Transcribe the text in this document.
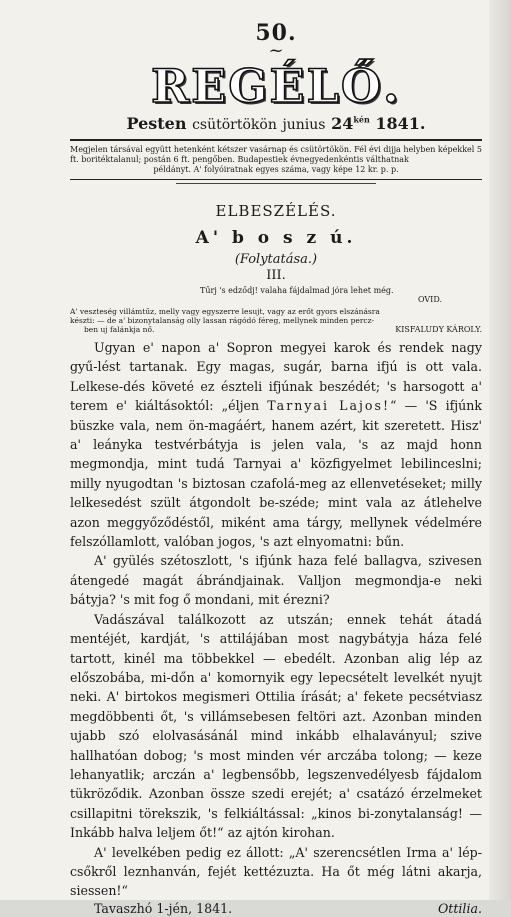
50.
~
REGÉLŐ.
Pesten csütörtökön junius $24^{kén}$ 1841.
Megjelen társával együtt hetenként kétszer vasárnap és csütörtökön. Fél évi dijja helyben képekkel 5 ft. boritéktalanul; postán 6 ft. pengőben. Budapestiek évnegyedenkéntis válthatnak
példányt. A' folyóiratnak egyes száma, vagy képe 12 kr. p. p.
ELBESZÉLÉS.
A' b o s z ú.
(Folytatása.)
III.
Tűrj 's edződj! valaha fájdalmad jóra lehet még.
OVID.
A' veszteség villámtűz, melly vagy egyszerre lesujt, vagy az erőt gyors elszánásra
készti: — de a' bizonytalanság olly lassan rágódó féreg, mellynek minden percz-
ben uj falánkja nő.	KISFALUDY KÁROLY.

Ugyan e' napon a' Sopron megyei karok és rendek nagy gyű-lést tartanak. Egy magas, sugár, barna ifjú is ott vala. Lelkese-dés követé ez észteli ifjúnak beszédét; 's harsogott a' terem e' kiáltásoktól: „éljen Tarnyai Lajos!“ — 'S ifjúnk büszke vala, nem ön-magáért, hanem azért, kit szeretett. Hisz' a' leányka testvérbátyja is jelen vala, 's az majd honn megmondja, mint tudá Tarnyai a' közfigyelmet lebilinceslni; milly nyugodtan 's biztosan czafolá-meg az ellenvetéseket; milly lelkesedést szült átgondolt be-széde; mint vala az átlehelve azon meggyőződéstől, miként ama tárgy, mellynek védelmére felszóllamlott, valóban jogos, 's azt elnyomatni: bűn.

A' gyülés szétoszlott, 's ifjúnk haza felé ballagva, szivesen átengedé magát ábrándjainak. Valljon megmondja-e neki bátyja? 's mit fog ő mondani, mit érezni?

Vadászával találkozott az utszán; ennek tehát átadá mentéjét, kardját, 's attilájában most nagybátyja háza felé tartott, kinél ma többekkel — ebedélt. Azonban alig lép az előszobába, mi-dőn a' komornyik egy lepecsételt levelkét nyujt neki. A' birtokos megismeri Ottilia írását; a' fekete pecsétviasz megdöbbenti őt, 's villámsebesen feltöri azt. Azonban minden ujabb szó elolvasásánál mind inkább elhalaványul; szive hallhatóan dobog; 's most minden vér arczába tolong; — keze lehanyatlik; arczán a' legbensőbb, legszenvedélyesb fájdalom tükröződik. Azonban össze szedi erejét; a' csatázó érzelmeket csillapitni törekszik, 's felkiáltással: „kinos bi-zonytalanság! — Inkább halva leljem őt!“ az ajtón kirohan.

A' levelkében pedig ez állott: „A' szerencsétlen Irma a' lép-csőkről leznhanván, fejét kettézuzta. Ha őt még látni akarja, siessen!“

Tavaszhó 1-jén, 1841.	Ottilia.
